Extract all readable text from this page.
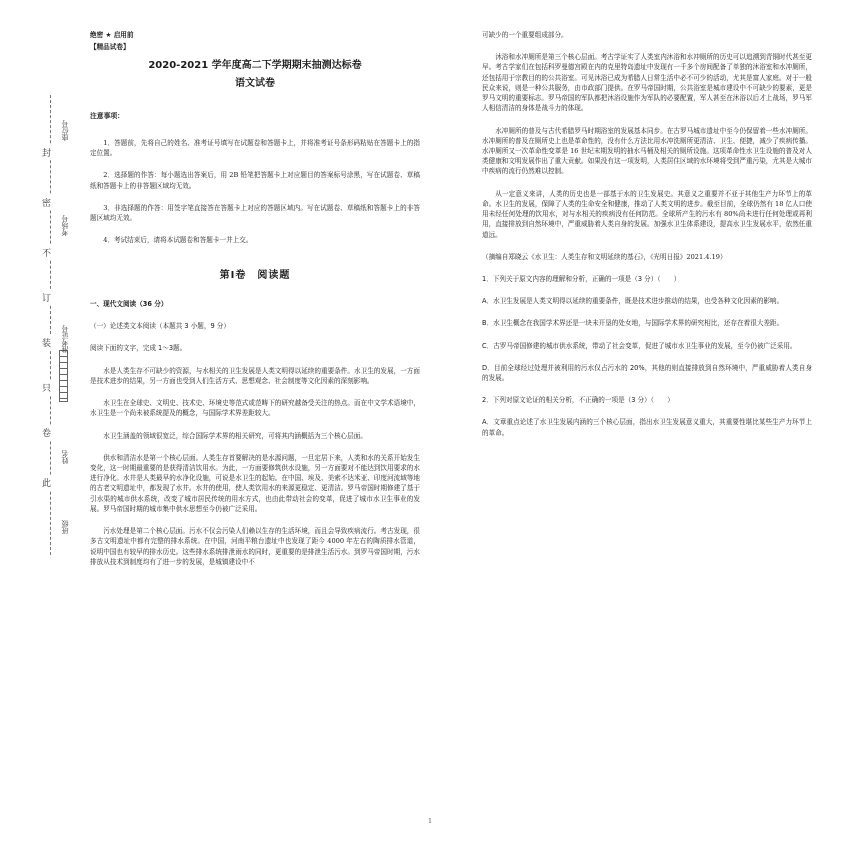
封
密
不
订
装
只
卷
此
座位号
考场号
准考证号
姓名
班级
绝密 ★ 启用前
【精品试卷】
2020-2021 学年度高二下学期期末抽测达标卷
语文试卷
注意事项：

1．答题前，先将自己的姓名、准考证号填写在试题卷和答题卡上，并将准考证号条形码粘贴在答题卡上的指定位置。

2．选择题的作答：每小题选出答案后，用 2B 铅笔把答题卡上对应题目的答案标号涂黑，写在试题卷、草稿纸和答题卡上的非答题区域均无效。

3．非选择题的作答：用签字笔直接答在答题卡上对应的答题区域内。写在试题卷、草稿纸和答题卡上的非答题区域均无效。

4．考试结束后，请将本试题卷和答题卡一并上交。

第Ⅰ卷　阅读题
一、现代文阅读（36 分）

（一）论述类文本阅读（本题共 3 小题，9 分）

阅读下面的文字，完成 1～3题。

水是人类生存不可缺少的资源，与水相关的卫生发展是人类文明得以延续的重要条件。水卫生的发展，一方面是技术进步的结果，另一方面也受到人们生活方式、思想观念、社会制度等文化因素的深刻影响。

水卫生在全球史、文明史、技术史、环境史等范式或范畴下的研究越备受关注的热点。而在中文学术语境中，水卫生是一个尚未被系统提及的概念，与国际学术界差距较大。

水卫生涵盖的领域很宽泛，综合国际学术界的相关研究，可将其内涵概括为三个核心层面。

供水和清洁水是第一个核心层面。人类生存首要解决的是水源问题，一旦定居下来，人类和水的关系开始发生变化，这一时期最重要的是获得清洁饮用水。为此，一方面要修筑供水设施，另一方面要对不能达到饮用要求的水进行净化。水井是人类最早的水净化设施，可说是水卫生的起始。在中国、埃及、美索不达米亚、印度河流域等地的古老文明遗址中，都发现了水井。水井的使用，使人类饮用水的来源更稳定、更清洁。罗马帝国时期修建了基于引水渠的城市供水系统，改变了城市居民传统的用水方式，也由此带动社会的变革，促进了城市水卫生事业的发展。罗马帝国时期的城市集中供水思想至今仍被广泛采用。

污水处理是第二个核心层面。污水不仅会污染人们赖以生存的生活环境，而且会导致疾病流行。考古发现，很多古文明遗址中都有完整的排水系统。在中国，河南平粮台遗址中也发现了距今 4000 年左右的陶质排水管道，说明中国也有较早的排水历史。这些排水系统排泄雨水的同时，更重要的是排泄生活污水。到罗马帝国时期，污水排放从技术到制度均有了进一步的发展，是城镇建设中不

可缺少的一个重要组成部分。

沐浴和水冲厕所是第三个核心层面。考古学证实了人类室内沐浴和水冲厕所的历史可以追溯到青铜时代甚至更早。考古学家们在包括科罗曼德宫殿在内的克里特岛遗址中发现有一千多个房间配备了单独的沐浴室和水冲厕所，还包括用于宗教目的的公共浴室。可见沐浴已成为希腊人日常生活中必不可少的活动，尤其是富人家庭。对于一般民众来说，则是一种公共服务，由市政部门提供。在罗马帝国时期，公共浴室是城市建设中不可缺少的要素，更是罗马文明的重要标志。罗马帝国的军队都把沐浴设施作为军队的必要配置，军人甚至在沐浴以后才上战场，罗马军人相信清洁的身体是战斗力的体现。

水冲厕所的普及与古代希腊罗马时期浴室的发展基本同步。在古罗马城市遗址中至今仍保留着一些水冲厕所。水冲厕所的普及在厕所史上也是革命性的，没有什么方法比用水冲洗厕所更清洁、卫生、便捷，减少了疾病传播。水冲厕所又一次革命性变革是 16 世纪末期发明的抽水马桶及相关的厕所设施。这项革命性水卫生设施的普及对人类健康和文明发展作出了重大贡献。如果没有这一项发明，人类居住区域的水环境将受到严重污染，尤其是大城市中疾病的流行仍然难以控制。

从一定意义来讲，人类的历史也是一部基于水的卫生发展史。其意义之重要并不亚于其他生产力环节上的革命。水卫生的发展，保障了人类的生命安全和健康，推动了人类文明的进步。截至目前，全球仍然有 18 亿人口使用未经任何处理的饮用水，对与水相关的疾病没有任何防范。全球所产生的污水有 80%尚未进行任何处理或再利用，直接排放到自然环境中，严重威胁着人类自身的发展。加强水卫生体系建设，提高水卫生发展水平，依然任重道远。

（摘编自郑晓云《水卫生：人类生存和文明延续的基石》，《光明日报》2021.4.19）

1．下列关于原文内容的理解和分析，正确的一项是（3 分）（　　）

A．水卫生发展是人类文明得以延续的重要条件，既是技术进步推动的结果，也受各种文化因素的影响。

B．水卫生概念在我国学术界还是一块未开垦的处女地，与国际学术界的研究相比，还存在着很大差距。

C．古罗马帝国修建的城市供水系统，带动了社会变革，促进了城市水卫生事业的发展，至今仍被广泛采用。

D．目前全球经过处理并被利用的污水仅占污水的 20%，其他的则直接排放到自然环境中，严重威胁着人类自身的发展。

2．下列对原文论证的相关分析，不正确的一项是（3 分）（　　）

A．文章重点论述了水卫生发展内涵的三个核心层面，指出水卫生发展意义重大，其重要性堪比某些生产力环节上的革命。

1
